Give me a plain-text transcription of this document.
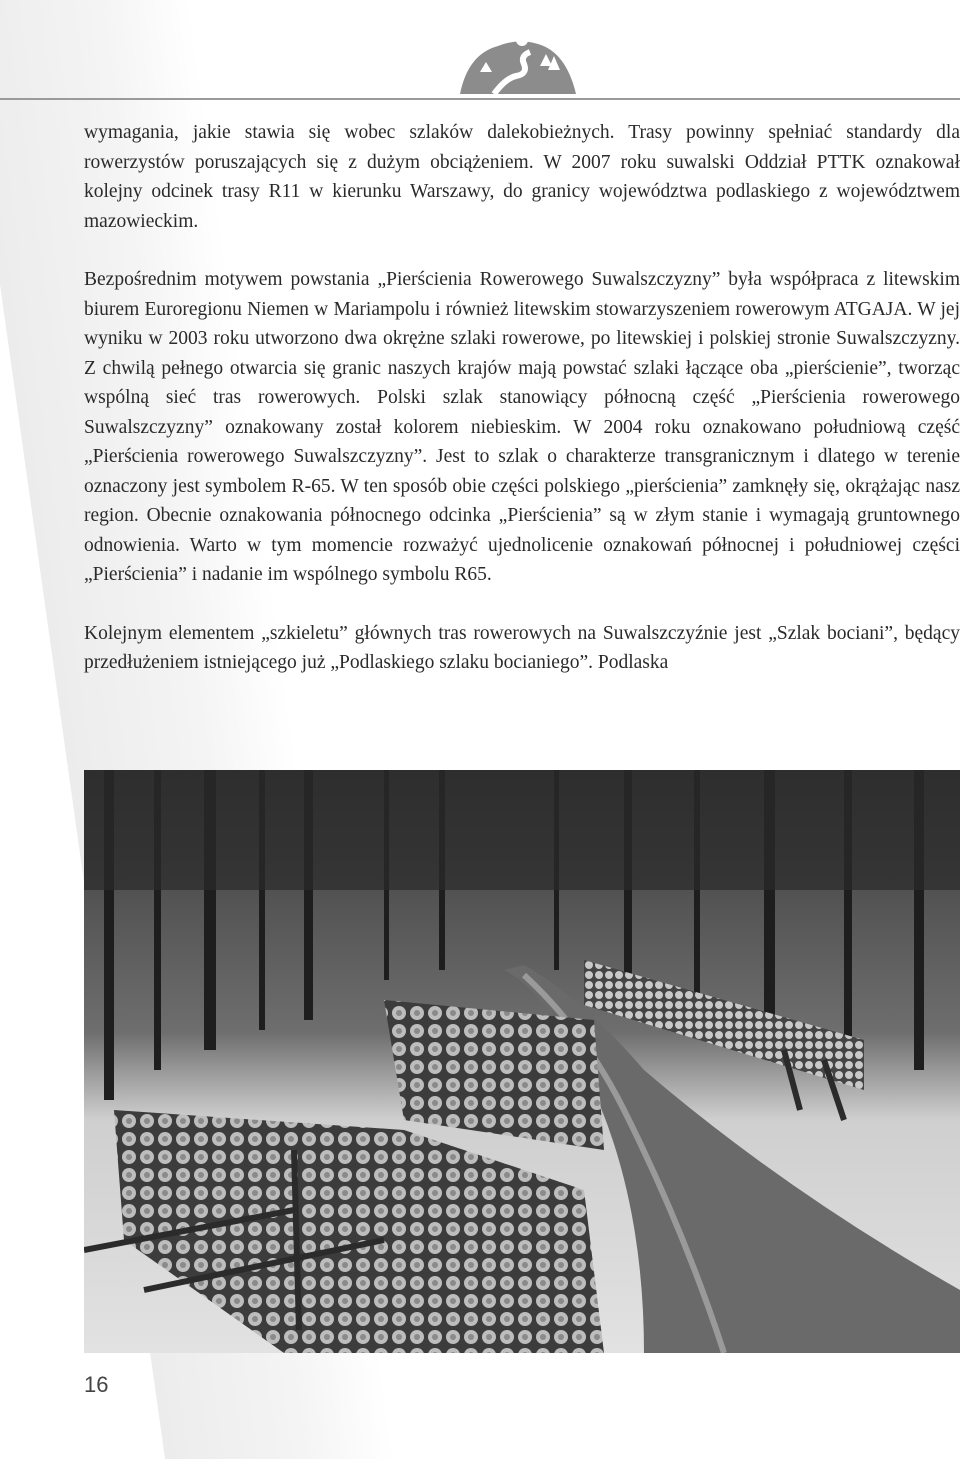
wymagania, jakie stawia się wobec szlaków dalekobieżnych. Trasy powinny spełniać standardy dla rowerzystów poruszających się z dużym obciążeniem. W 2007 roku suwalski Oddział PTTK oznakował kolejny odcinek trasy R11 w kierunku Warszawy, do granicy województwa podlaskiego z województwem mazowieckim.

Bezpośrednim motywem powstania „Pierścienia Rowerowego Suwalszczyzny” była współpraca z litewskim biurem Euroregionu Niemen w Mariampolu i również litewskim stowarzyszeniem rowerowym ATGAJA. W jej wyniku w 2003 roku utworzono dwa okrężne szlaki rowerowe, po litewskiej i polskiej stronie Suwalszczyzny. Z chwilą pełnego otwarcia się granic naszych krajów mają powstać szlaki łączące oba „pierścienie”, tworząc wspólną sieć tras rowerowych. Polski szlak stanowiący północną część „Pierścienia rowerowego Suwalszczyzny” oznakowany został kolorem niebieskim. W 2004 roku oznakowano południową część „Pierścienia rowerowego Suwalszczyzny”. Jest to szlak o charakterze transgranicznym i dlatego w terenie oznaczony jest symbolem R-65. W ten sposób obie części polskiego „pierścienia” zamknęły się, okrążając nasz region. Obecnie oznakowania północnego odcinka „Pierścienia” są w złym stanie i wymagają gruntownego odnowienia. Warto w tym momencie rozważyć ujednolicenie oznakowań północnej i południowej części „Pierścienia” i nadanie im wspólnego symbolu R65.

Kolejnym elementem „szkieletu” głównych tras rowerowych na Suwalszczyźnie jest „Szlak bociani”, będący przedłużeniem istniejącego już „Podlaskiego szlaku bocianiego”. Podlaska

16
